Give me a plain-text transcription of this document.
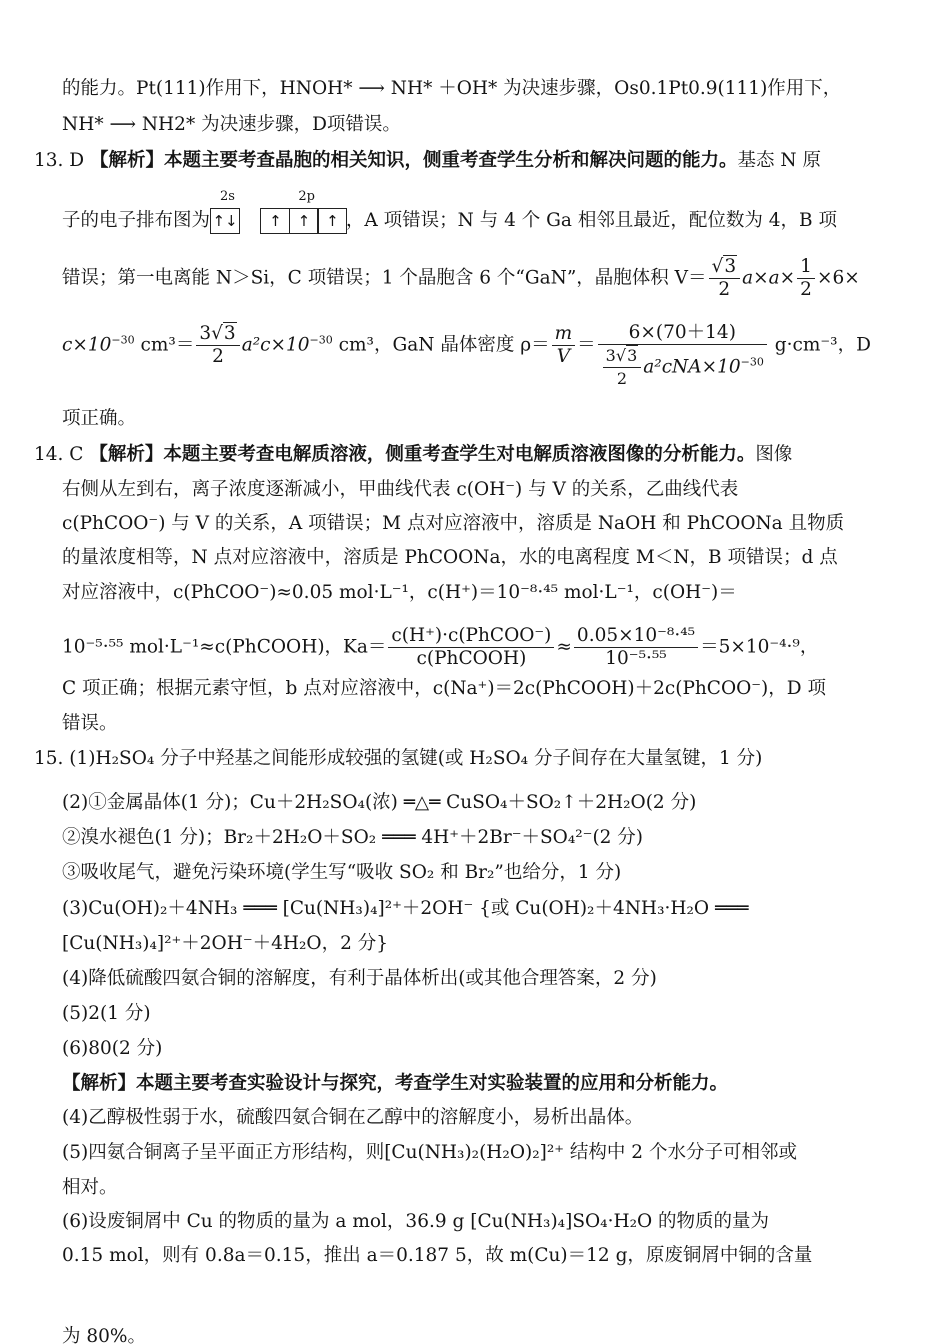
的能力。Pt(111)作用下，HNOH* ⟶ NH* ＋OH* 为决速步骤，Os0.1Pt0.9(111)作用下，
NH* ⟶ NH2* 为决速步骤，D项错误。
13. D 【解析】本题主要考查晶胞的相关知识，侧重考查学生分析和解决问题的能力。基态 N 原
子的电子排布图为
2s
↑↓
2p
↑ ↑ ↑ ，A 项错误；N 与 4 个 Ga 相邻且最近，配位数为 4，B 项
错误；第一电离能 N＞Si，C 项错误；1 个晶胞含 6 个“GaN”，晶胞体积 $V= \frac{√3}{2} a\times a\times \frac{1}{2} \times 6\times$
$c\times 10^{-30}$ $cm^3= \frac{3√3}{2} a^2c\times 10^{-30}$ cm³，GaN 晶体密度 $\rho= \frac{m}{V} = \frac{6\times(70+14)}{\frac{3√3}{2} a^2cNA\times 10^{-30}} g\cdot cm^{-3}$，D
项正确。
14. C 【解析】本题主要考查电解质溶液，侧重考查学生对电解质溶液图像的分析能力。图像
右侧从左到右，离子浓度逐渐减小，甲曲线代表 c(OH⁻) 与 V 的关系，乙曲线代表
c(PhCOO⁻) 与 V 的关系，A 项错误；M 点对应溶液中，溶质是 NaOH 和 PhCOONa 且物质
的量浓度相等，N 点对应溶液中，溶质是 PhCOONa，水的电离程度 M＜N，B 项错误；d 点
对应溶液中，c(PhCOO⁻)≈0.05 mol·L⁻¹，c(H⁺)＝10⁻⁸·⁴⁵ mol·L⁻¹，c(OH⁻)＝
10⁻⁵·⁵⁵ mol·L⁻¹≈c(PhCOOH)，$Ka= \frac{\text{c(H⁺)·c(PhCOO⁻)}}{\text{c(PhCOOH)}} \approx \frac{\text{0.05×10⁻⁸·⁴⁵}}{\text{10⁻⁵·⁵⁵}} =5\times 10^{-4}\cdot^9$，
C 项正确；根据元素守恒，b 点对应溶液中，c(Na⁺)＝2c(PhCOOH)＋2c(PhCOO⁻)，D 项
错误。
15. (1)H₂SO₄ 分子中羟基之间能形成较强的氢键(或 H₂SO₄ 分子间存在大量氢键，1 分)
(2)①金属晶体(1 分)；Cu＋2H₂SO₄(浓) ═△═ CuSO₄＋SO₂↑＋2H₂O(2 分)
②溴水褪色(1 分)；Br₂＋2H₂O＋SO₂ ═══ 4H⁺＋2Br⁻＋SO₄²⁻(2 分)
③吸收尾气，避免污染环境(学生写“吸收 SO₂ 和 Br₂”也给分，1 分)
(3)Cu(OH)₂＋4NH₃ ═══ [Cu(NH₃)₄]²⁺＋2OH⁻ {或 Cu(OH)₂＋4NH₃·H₂O ═══
[Cu(NH₃)₄]²⁺＋2OH⁻＋4H₂O，2 分}
(4)降低硫酸四氨合铜的溶解度，有利于晶体析出(或其他合理答案，2 分)
(5)2(1 分)
(6)80(2 分)
【解析】本题主要考查实验设计与探究，考查学生对实验装置的应用和分析能力。
(4)乙醇极性弱于水，硫酸四氨合铜在乙醇中的溶解度小，易析出晶体。
(5)四氨合铜离子呈平面正方形结构，则[Cu(NH₃)₂(H₂O)₂]²⁺ 结构中 2 个水分子可相邻或
相对。
(6)设废铜屑中 Cu 的物质的量为 a mol，36.9 g [Cu(NH₃)₄]SO₄·H₂O 的物质的量为
0.15 mol，则有 0.8a＝0.15，推出 a＝0.187 5，故 m(Cu)＝12 g，原废铜屑中铜的含量
为 80%。
